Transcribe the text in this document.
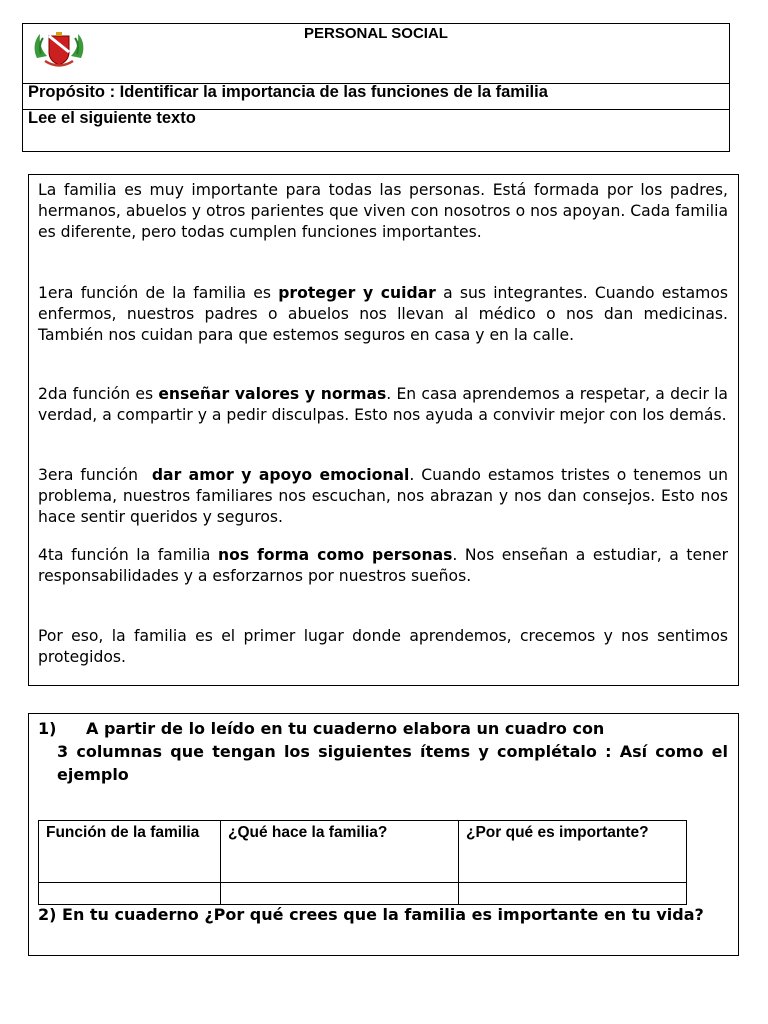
PERSONAL SOCIAL
Propósito : Identificar la importancia de las funciones de la familia
Lee el siguiente texto

La familia es muy importante para todas las personas. Está formada por los padres, hermanos, abuelos y otros parientes que viven con nosotros o nos apoyan. Cada familia es diferente, pero todas cumplen funciones importantes.

1era función de la familia es proteger y cuidar a sus integrantes. Cuando estamos enfermos, nuestros padres o abuelos nos llevan al médico o nos dan medicinas. También nos cuidan para que estemos seguros en casa y en la calle.

2da función es enseñar valores y normas. En casa aprendemos a respetar, a decir la verdad, a compartir y a pedir disculpas. Esto nos ayuda a convivir mejor con los demás.

3era función  dar amor y apoyo emocional. Cuando estamos tristes o tenemos un problema, nuestros familiares nos escuchan, nos abrazan y nos dan consejos. Esto nos hace sentir queridos y seguros.

4ta función la familia nos forma como personas. Nos enseñan a estudiar, a tener responsabilidades y a esforzarnos por nuestros sueños.

Por eso, la familia es el primer lugar donde aprendemos, crecemos y nos sentimos protegidos.

1) A partir de lo leído en tu cuaderno elabora un cuadro con
3 columnas que tengan los siguientes ítems y complétalo : Así como el ejemplo

Función de la familia	¿Qué hace la familia?	¿Por qué es importante?

2) En tu cuaderno ¿Por qué crees que la familia es importante en tu vida?
